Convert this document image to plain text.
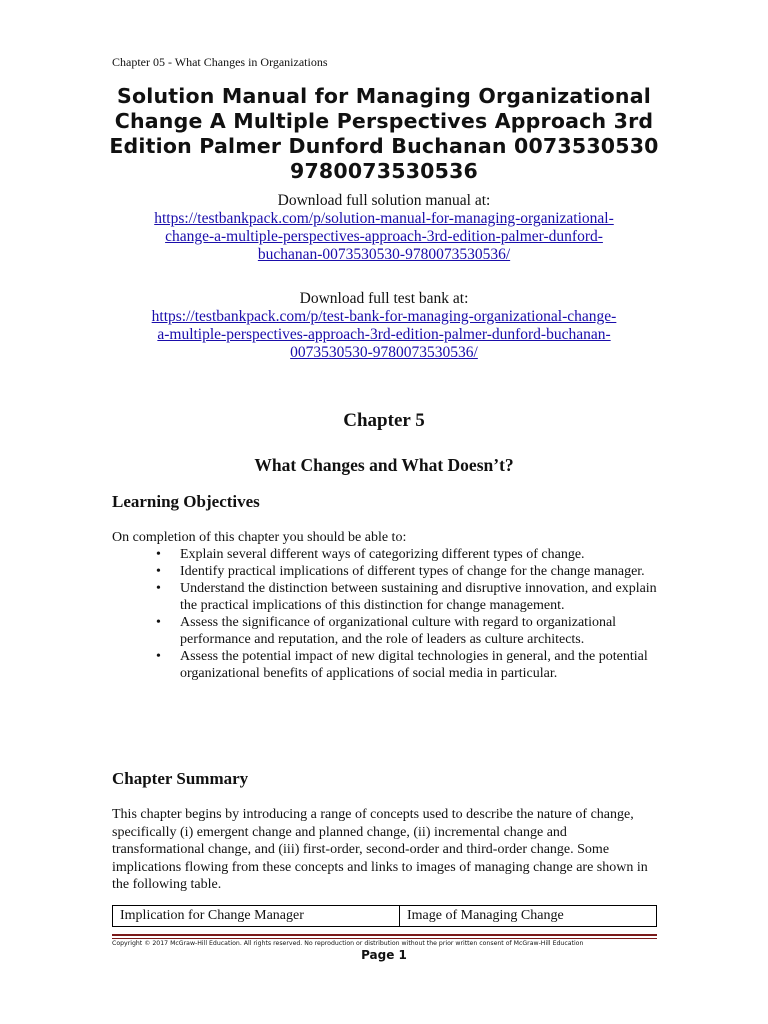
Chapter 05 - What Changes in Organizations
Solution Manual for Managing Organizational Change A Multiple Perspectives Approach 3rd Edition Palmer Dunford Buchanan 0073530530 9780073530536
Download full solution manual at:
https://testbankpack.com/p/solution-manual-for-managing-organizational-
change-a-multiple-perspectives-approach-3rd-edition-palmer-dunford-
buchanan-0073530530-9780073530536/
Download full test bank at:
https://testbankpack.com/p/test-bank-for-managing-organizational-change-
a-multiple-perspectives-approach-3rd-edition-palmer-dunford-buchanan-
0073530530-9780073530536/
Chapter 5
What Changes and What Doesn’t?
Learning Objectives
On completion of this chapter you should be able to:
• Explain several different ways of categorizing different types of change.
• Identify practical implications of different types of change for the change manager.
• Understand the distinction between sustaining and disruptive innovation, and explain the practical implications of this distinction for change management.
• Assess the significance of organizational culture with regard to organizational performance and reputation, and the role of leaders as culture architects.
• Assess the potential impact of new digital technologies in general, and the potential organizational benefits of applications of social media in particular.
Chapter Summary

This chapter begins by introducing a range of concepts used to describe the nature of change, specifically (i) emergent change and planned change, (ii) incremental change and transformational change, and (iii) first-order, second-order and third-order change. Some implications flowing from these concepts and links to images of managing change are shown in the following table.

Implication for Change Manager	Image of Managing Change
Copyright © 2017 McGraw-Hill Education. All rights reserved. No reproduction or distribution without the prior written consent of McGraw-Hill Education
Page 1
